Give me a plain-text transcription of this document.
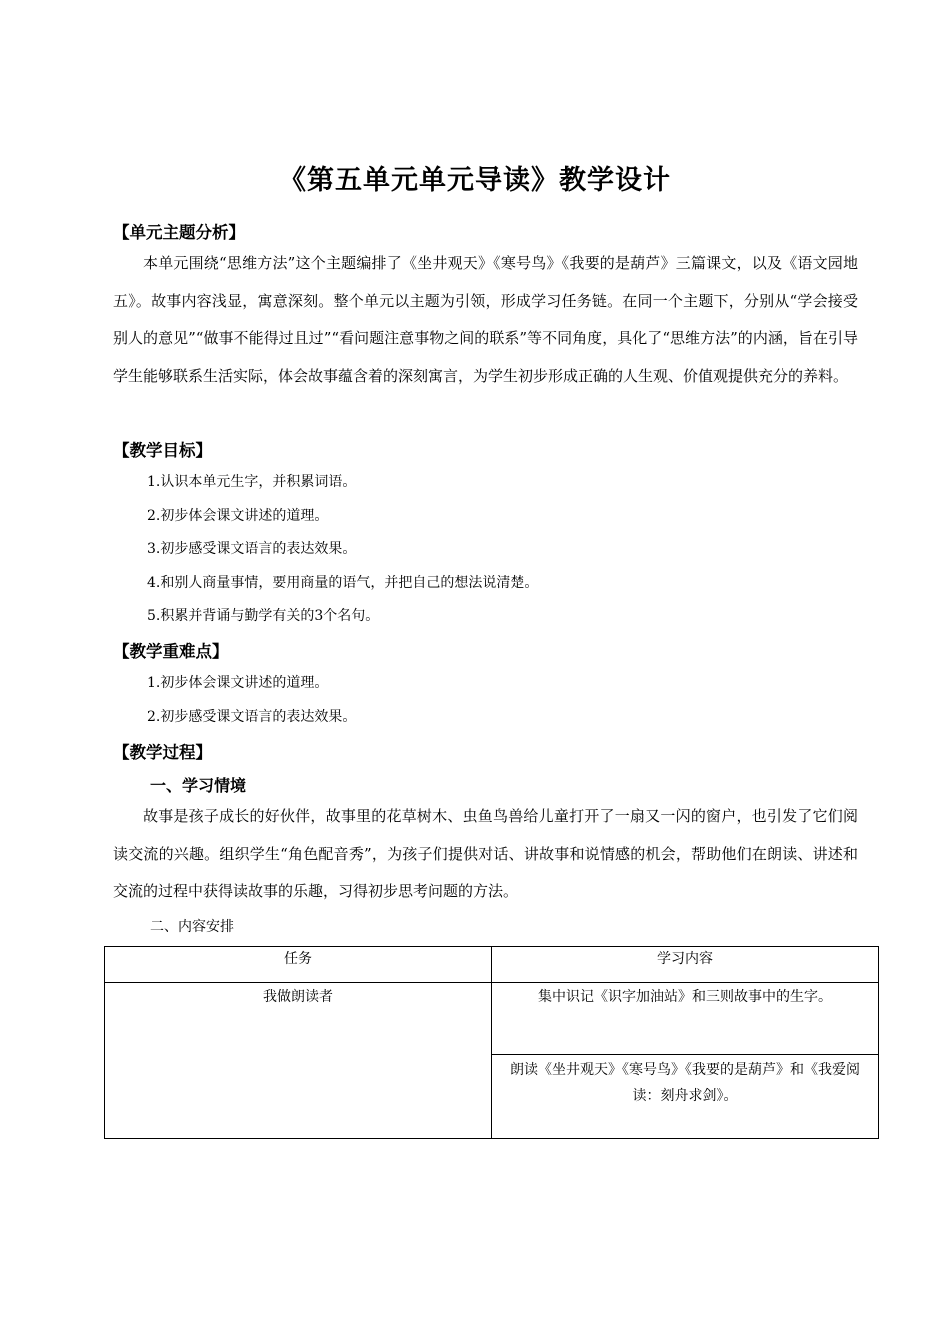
《第五单元单元导读》教学设计
【单元主题分析】
本单元围绕“思维方法”这个主题编排了《坐井观天》《寒号鸟》《我要的是葫芦》三篇课文，以及《语文园地五》。故事内容浅显，寓意深刻。整个单元以主题为引领，形成学习任务链。在同一个主题下，分别从“学会接受别人的意见”“做事不能得过且过”“看问题注意事物之间的联系”等不同角度，具化了“思维方法”的内涵，旨在引导学生能够联系生活实际，体会故事蕴含着的深刻寓言，为学生初步形成正确的人生观、价值观提供充分的养料。
【教学目标】
1.认识本单元生字，并积累词语。
2.初步体会课文讲述的道理。
3.初步感受课文语言的表达效果。
4.和别人商量事情，要用商量的语气，并把自己的想法说清楚。
5.积累并背诵与勤学有关的3个名句。
【教学重难点】
1.初步体会课文讲述的道理。
2.初步感受课文语言的表达效果。
【教学过程】
一、学习情境
故事是孩子成长的好伙伴，故事里的花草树木、虫鱼鸟兽给儿童打开了一扇又一闪的窗户，也引发了它们阅读交流的兴趣。组织学生“角色配音秀”，为孩子们提供对话、讲故事和说情感的机会，帮助他们在朗读、讲述和交流的过程中获得读故事的乐趣，习得初步思考问题的方法。
二、内容安排
任务	学习内容
我做朗读者	集中识记《识字加油站》和三则故事中的生字。
	朗读《坐井观天》《寒号鸟》《我要的是葫芦》和《我爱阅读：刻舟求剑》。
